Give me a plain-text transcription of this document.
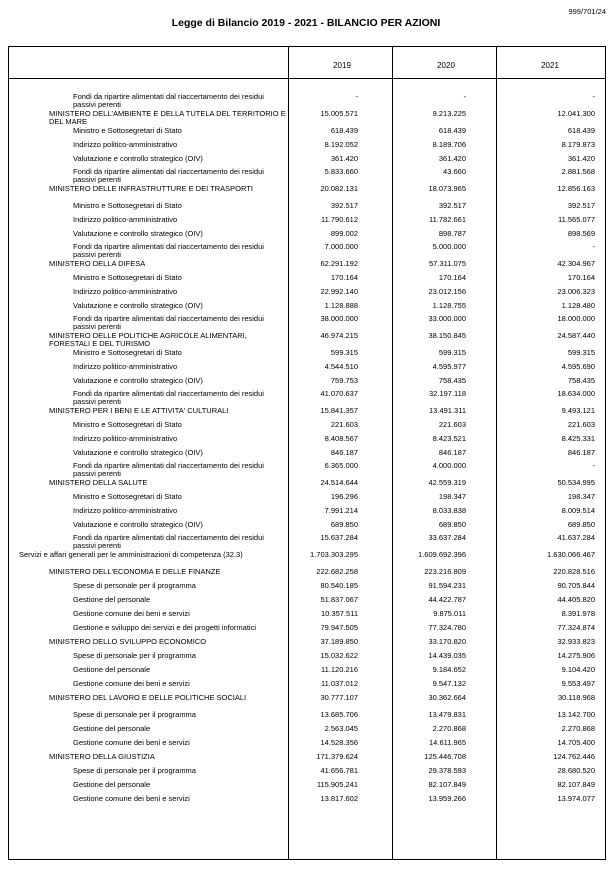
999/701/24
Legge di Bilancio 2019 - 2021 - BILANCIO PER AZIONI
2019	2020	2021
Fondi da ripartire alimentati dal riaccertamento dei residui passivi perenti
-	-	-
MINISTERO DELL'AMBIENTE E DELLA TUTELA DEL TERRITORIO E DEL MARE
15.005.571	9.213.225	12.041.300
Ministro e Sottosegretari di Stato	618.439	618.439	618.439
Indirizzo politico-amministrativo	8.192.052	8.189.706	8.179.873
Valutazione e controllo strategico (OIV)	361.420	361.420	361.420
Fondi da ripartire alimentati dal riaccertamento dei residui passivi perenti
5.833.660	43.660	2.881.568
MINISTERO DELLE INFRASTRUTTURE E DEI TRASPORTI	20.082.131	18.073.965	12.856.163
Ministro e Sottosegretari di Stato	392.517	392.517	392.517
Indirizzo politico-amministrativo	11.790.612	11.782.661	11.565.077
Valutazione e controllo strategico (OIV)	899.002	898.787	898.569
Fondi da ripartire alimentati dal riaccertamento dei residui passivi perenti
7.000.000	5.000.000	-
MINISTERO DELLA DIFESA	62.291.192	57.311.075	42.304.967
Ministro e Sottosegretari di Stato	170.164	170.164	170.164
Indirizzo politico-amministrativo	22.992.140	23.012.156	23.006.323
Valutazione e controllo strategico (OIV)	1.128.888	1.128.755	1.128.480
Fondi da ripartire alimentati dal riaccertamento dei residui passivi perenti
38.000.000	33.000.000	18.000.000
MINISTERO DELLE POLITICHE AGRICOLE ALIMENTARI, FORESTALI E DEL TURISMO
46.974.215	38.150.845	24.587.440
Ministro e Sottosegretari di Stato	599.315	599.315	599.315
Indirizzo politico-amministrativo	4.544.510	4.595.977	4.595.690
Valutazione e controllo strategico (OIV)	759.753	758.435	758.435
Fondi da ripartire alimentati dal riaccertamento dei residui passivi perenti
41.070.637	32.197.118	18.634.000
MINISTERO PER I BENI E LE ATTIVITA' CULTURALI	15.841.357	13.491.311	9.493.121
Ministro e Sottosegretari di Stato	221.603	221.603	221.603
Indirizzo politico-amministrativo	8.408.567	8.423.521	8.425.331
Valutazione e controllo strategico (OIV)	846.187	846.187	846.187
Fondi da ripartire alimentati dal riaccertamento dei residui passivi perenti
6.365.000	4.000.000	-
MINISTERO DELLA SALUTE	24.514.644	42.559.319	50.534.995
Ministro e Sottosegretari di Stato	196.296	198.347	198.347
Indirizzo politico-amministrativo	7.991.214	8.033.838	8.009.514
Valutazione e controllo strategico (OIV)	689.850	689.850	689.850
Fondi da ripartire alimentati dal riaccertamento dei residui passivi perenti
15.637.284	33.637.284	41.637.284
Servizi e affari generali per le amministrazioni di competenza (32.3)	1.703.303.295	1.609.692.396	1.630.066.467
MINISTERO DELL'ECONOMIA E DELLE FINANZE	222.682.258	223.216.809	220.828.516
Spese di personale per il programma	80.540.185	91.594.231	90.705.844
Gestione del personale	51.837.067	44.422.787	44.405.820
Gestione comune dei beni e servizi	10.357.511	9.875.011	8.391.978
Gestione e sviluppo dei servizi e dei progetti informatici	79.947.505	77.324.780	77.324.874
MINISTERO DELLO SVILUPPO ECONOMICO	37.189.850	33.170.820	32.933.823
Spese di personale per il programma	15.032.622	14.439.035	14.275.906
Gestione del personale	11.120.216	9.184.652	9.104.420
Gestione comune dei beni e servizi	11.037.012	9.547.132	9.553.497
MINISTERO DEL LAVORO E DELLE POLITICHE SOCIALI	30.777.107	30.362.664	30.118.968
Spese di personale per il programma	13.685.706	13.479.831	13.142.700
Gestione del personale	2.563.045	2.270.868	2.270.868
Gestione comune dei beni e servizi	14.528.356	14.611.965	14.705.400
MINISTERO DELLA GIUSTIZIA	171.379.624	125.446.708	124.762.446
Spese di personale per il programma	41.656.781	29.378.593	28.680.520
Gestione del personale	115.905.241	82.107.849	82.107.849
Gestione comune dei beni e servizi	13.817.602	13.959.266	13.974.077
